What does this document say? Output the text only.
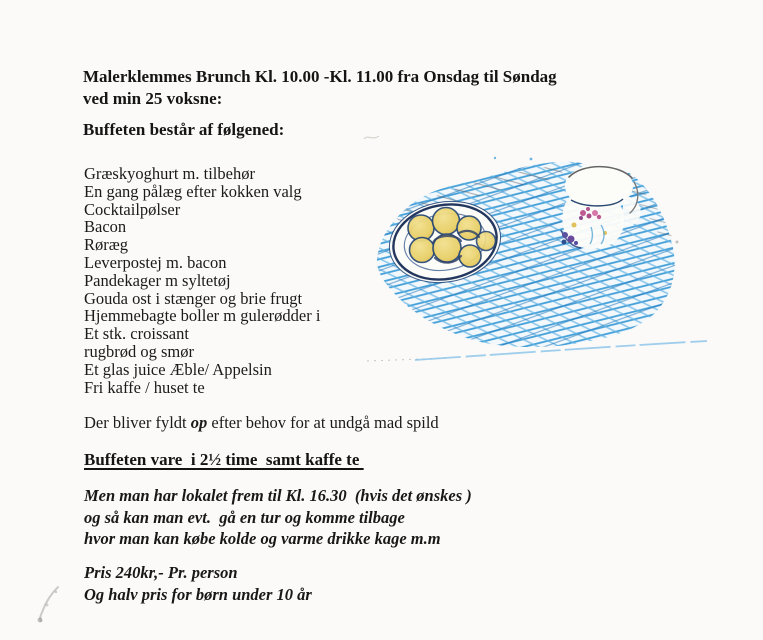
Malerklemmes Brunch Kl. 10.00 -Kl. 11.00 fra Onsdag til Søndag
ved min 25 voksne:
Buffeten består af følgened:
Græskyoghurt m. tilbehør
En gang pålæg efter kokken valg
Cocktailpølser
Bacon
Røræg
Leverpostej m. bacon
Pandekager m syltetøj
Gouda ost i stænger og brie frugt
Hjemmebagte boller m gulerødder i
Et stk. croissant
rugbrød og smør
Et glas juice Æble/ Appelsin
Fri kaffe / huset te
Der bliver fyldt op efter behov for at undgå mad spild
Buffeten vare  i 2½ time  samt kaffe te
Men man har lokalet frem til Kl. 16.30  (hvis det ønskes )
og så kan man evt.  gå en tur og komme tilbage
hvor man kan købe kolde og varme drikke kage m.m
Pris 240kr,- Pr. person
Og halv pris for børn under 10 år
